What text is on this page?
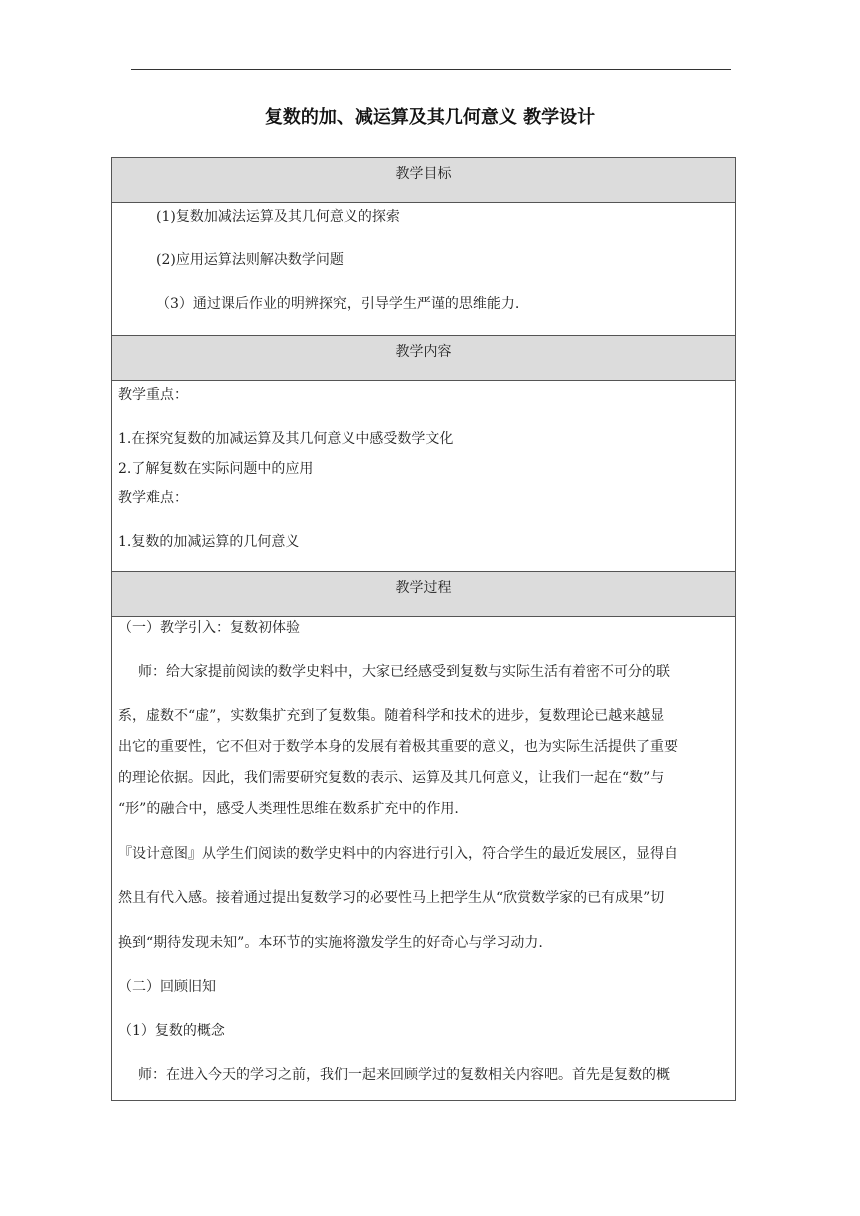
复数的加、减运算及其几何意义 教学设计
教学目标
(1)复数加减法运算及其几何意义的探索
(2)应用运算法则解决数学问题
（3）通过课后作业的明辨探究，引导学生严谨的思维能力.
教学内容
教学重点：
1.在探究复数的加减运算及其几何意义中感受数学文化
2.了解复数在实际问题中的应用
教学难点：
1.复数的加减运算的几何意义
教学过程
（一）教学引入：复数初体验
师：给大家提前阅读的数学史料中，大家已经感受到复数与实际生活有着密不可分的联
系，虚数不“虚”，实数集扩充到了复数集。随着科学和技术的进步，复数理论已越来越显
出它的重要性，它不但对于数学本身的发展有着极其重要的意义，也为实际生活提供了重要
的理论依据。因此，我们需要研究复数的表示、运算及其几何意义，让我们一起在“数”与
“形”的融合中，感受人类理性思维在数系扩充中的作用.
『设计意图』从学生们阅读的数学史料中的内容进行引入，符合学生的最近发展区，显得自
然且有代入感。接着通过提出复数学习的必要性马上把学生从“欣赏数学家的已有成果”切
换到“期待发现未知”。本环节的实施将激发学生的好奇心与学习动力.
（二）回顾旧知
（1）复数的概念
师：在进入今天的学习之前，我们一起来回顾学过的复数相关内容吧。首先是复数的概
